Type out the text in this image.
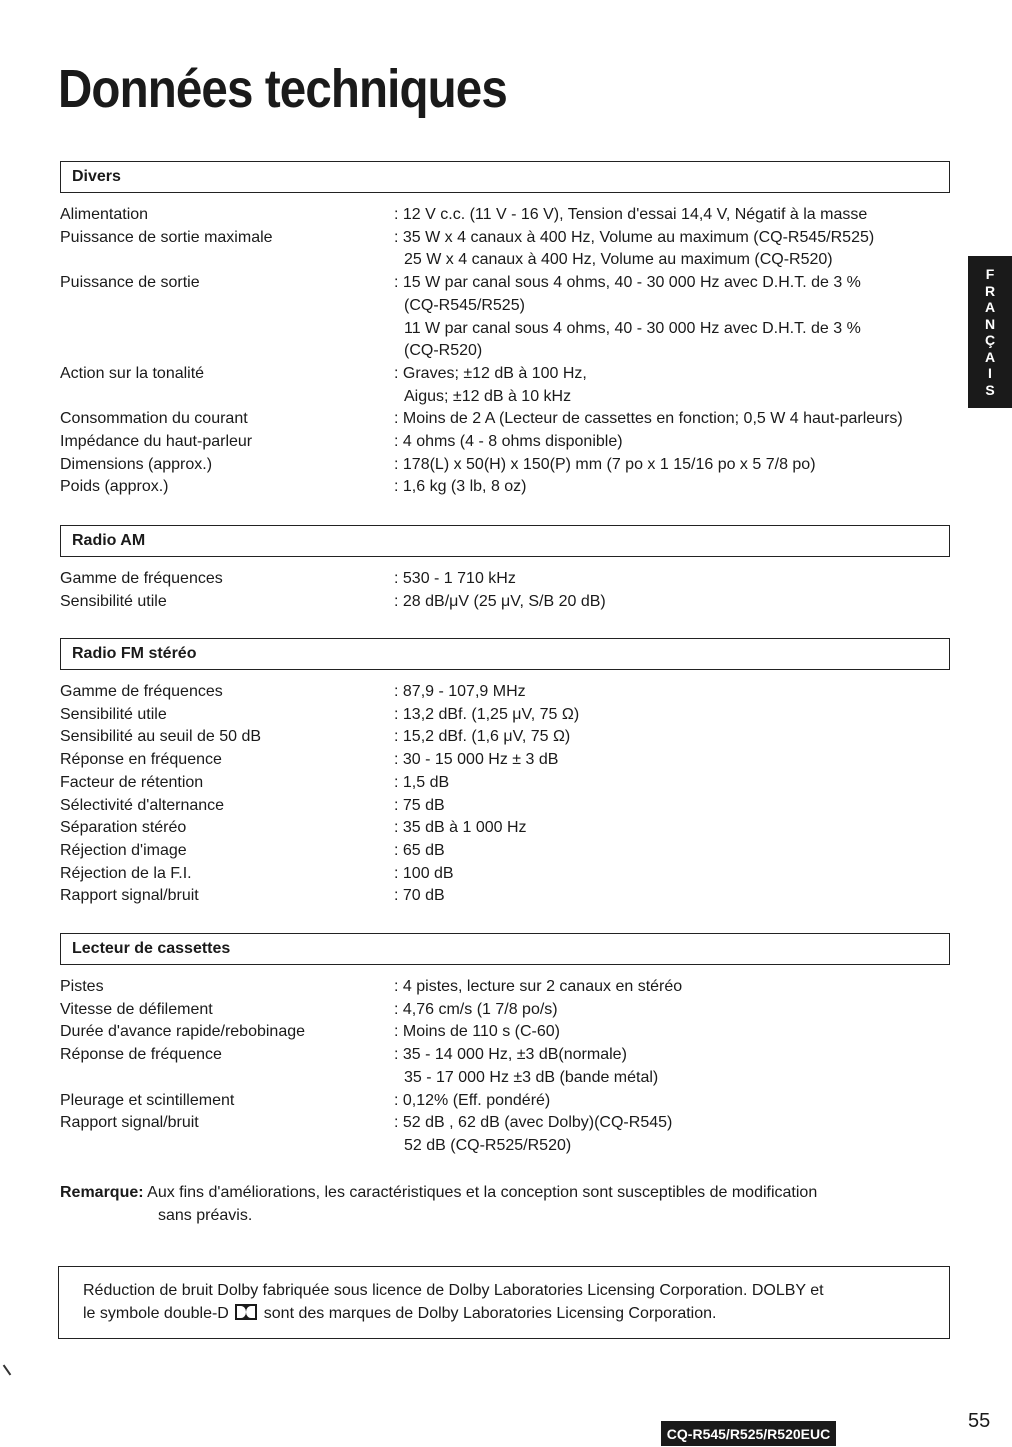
Données techniques
F
R
A
N
Ç
A
I
S
Divers
Alimentation	: 12 V c.c. (11 V - 16 V), Tension d'essai 14,4 V, Négatif à la masse
Puissance de sortie maximale	: 35 W x 4 canaux à 400 Hz, Volume au maximum (CQ-R545/R525)
25 W x 4 canaux à 400 Hz, Volume au maximum (CQ-R520)
Puissance de sortie	: 15 W par canal sous 4 ohms, 40 - 30 000 Hz avec D.H.T. de 3 %
(CQ-R545/R525)
11 W par canal sous 4 ohms, 40 - 30 000 Hz avec D.H.T. de 3 %
(CQ-R520)
Action sur la tonalité	: Graves; ±12 dB à 100 Hz,
Aigus; ±12 dB à 10 kHz
Consommation du courant	: Moins de 2 A (Lecteur de cassettes en fonction; 0,5 W 4 haut-parleurs)
Impédance du haut-parleur	: 4 ohms (4 - 8 ohms disponible)
Dimensions (approx.)	: 178(L) x 50(H) x 150(P) mm (7 po x 1 15/16 po x 5 7/8 po)
Poids (approx.)	: 1,6 kg (3 lb, 8 oz)
Radio AM
Gamme de fréquences	: 530 - 1 710 kHz
Sensibilité utile	: 28 dB/μV (25 μV, S/B 20 dB)
Radio FM stéréo
Gamme de fréquences	: 87,9 - 107,9 MHz
Sensibilité utile	: 13,2 dBf. (1,25 μV, 75 Ω)
Sensibilité au seuil de 50 dB	: 15,2 dBf. (1,6 μV, 75 Ω)
Réponse en fréquence	: 30 - 15 000 Hz ± 3 dB
Facteur de rétention	: 1,5 dB
Sélectivité d'alternance	: 75 dB
Séparation stéréo	: 35 dB à 1 000 Hz
Réjection d'image	: 65 dB
Réjection de la F.I.	: 100 dB
Rapport signal/bruit	: 70 dB
Lecteur de cassettes
Pistes	: 4 pistes, lecture sur 2 canaux en stéréo
Vitesse de défilement	: 4,76 cm/s (1 7/8 po/s)
Durée d'avance rapide/rebobinage	: Moins de 110 s (C-60)
Réponse de fréquence	: 35 - 14 000 Hz, ±3 dB(normale)
35 - 17 000 Hz ±3 dB (bande métal)
Pleurage et scintillement	: 0,12% (Eff. pondéré)
Rapport signal/bruit	: 52 dB , 62 dB (avec Dolby)(CQ-R545)
52 dB (CQ-R525/R520)
Remarque: Aux fins d'améliorations, les caractéristiques et la conception sont susceptibles de modification
sans préavis.
Réduction de bruit Dolby fabriquée sous licence de Dolby Laboratories Licensing Corporation. DOLBY et
le symbole double-D sont des marques de Dolby Laboratories Licensing Corporation.
55
CQ-R545/R525/R520EUC
